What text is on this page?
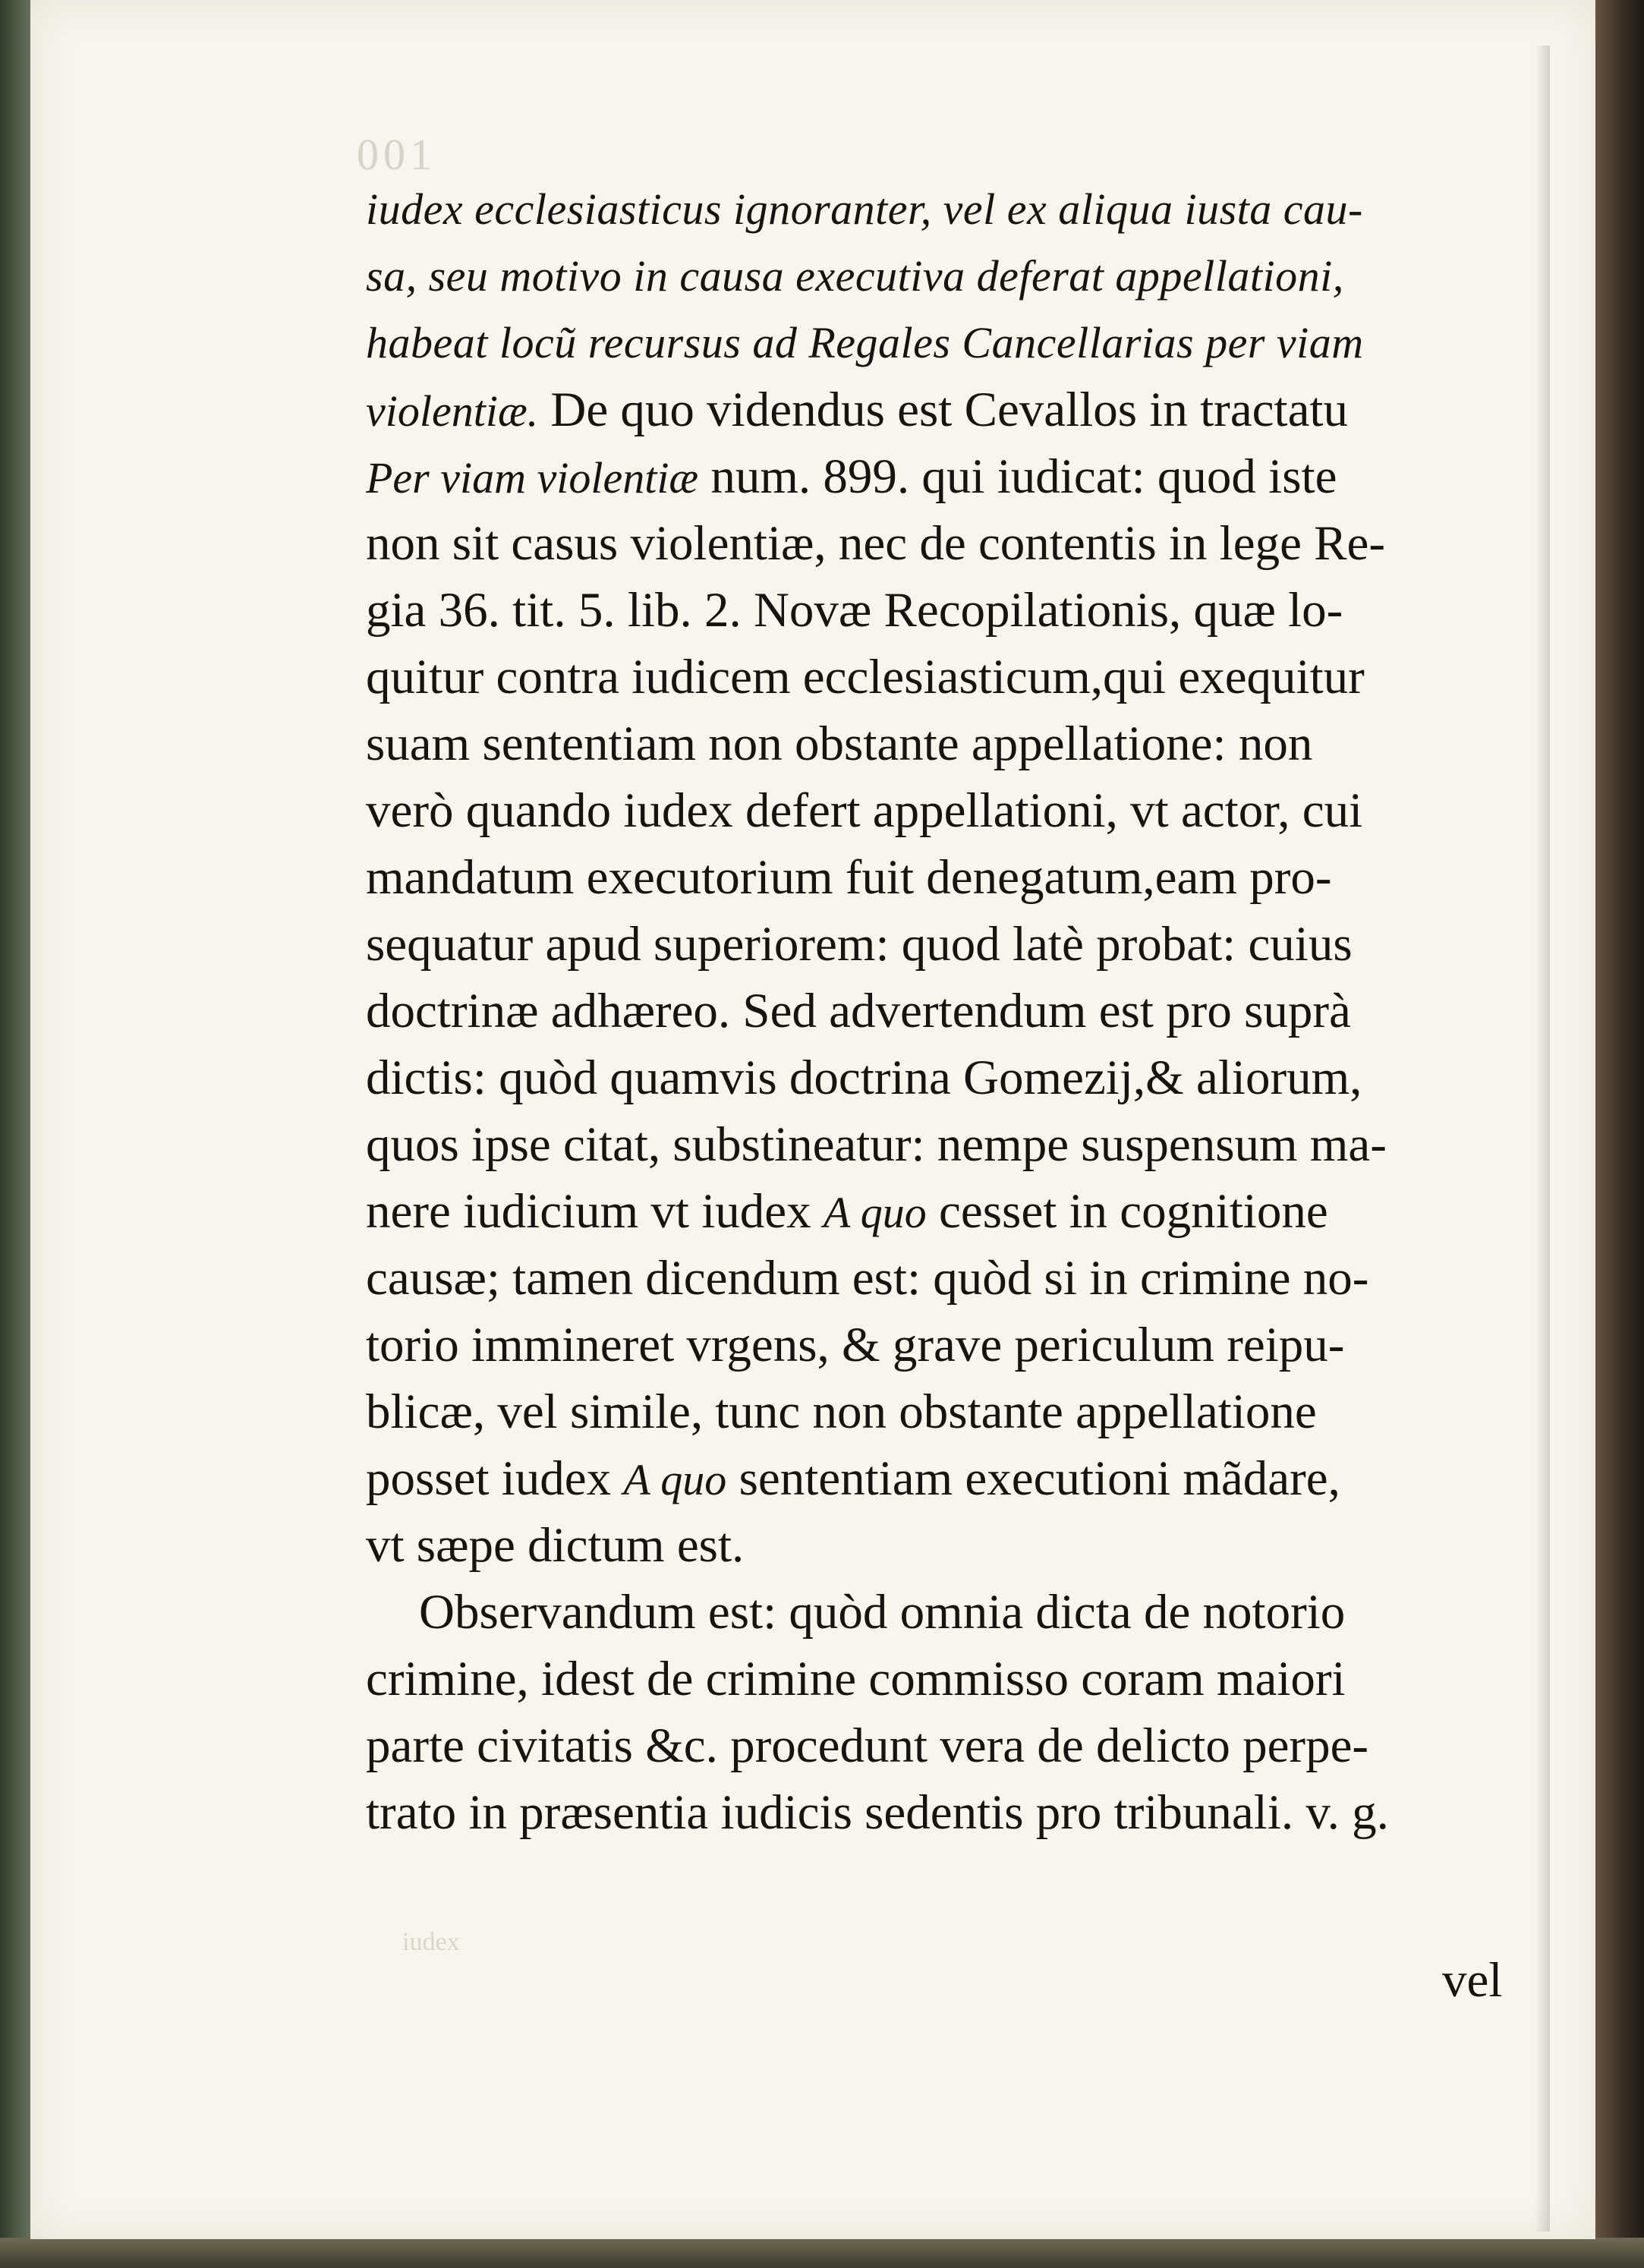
001
iudex ecclesiasticus ignoranter, vel ex aliqua iusta cau-
sa, seu motivo in causa executiva deferat appellationi,
habeat locũ recursus ad Regales Cancellarias per viam
violentiæ. De quo videndus est Cevallos in tractatu
Per viam violentiæ num. 899. qui iudicat: quod iste
non sit casus violentiæ, nec de contentis in lege Re-
gia 36. tit. 5. lib. 2. Novæ Recopilationis, quæ lo-
quitur contra iudicem ecclesiasticum,qui exequitur
suam sententiam non obstante appellatione: non
verò quando iudex defert appellationi, vt actor, cui
mandatum executorium fuit denegatum,eam pro-
sequatur apud superiorem: quod latè probat: cuius
doctrinæ adhæreo. Sed advertendum est pro suprà
dictis: quòd quamvis doctrina Gomezij,& aliorum,
quos ipse citat, substineatur: nempe suspensum ma-
nere iudicium vt iudex A quo cesset in cognitione
causæ; tamen dicendum est: quòd si in crimine no-
torio immineret vrgens, & grave periculum reipu-
blicæ, vel simile, tunc non obstante appellatione
posset iudex A quo sententiam executioni mãdare,
vt sæpe dictum est.
Observandum est: quòd omnia dicta de notorio
crimine, idest de crimine commisso coram maiori
parte civitatis &c. procedunt vera de delicto perpe-
trato in præsentia iudicis sedentis pro tribunali. v. g.
iudex
vel
